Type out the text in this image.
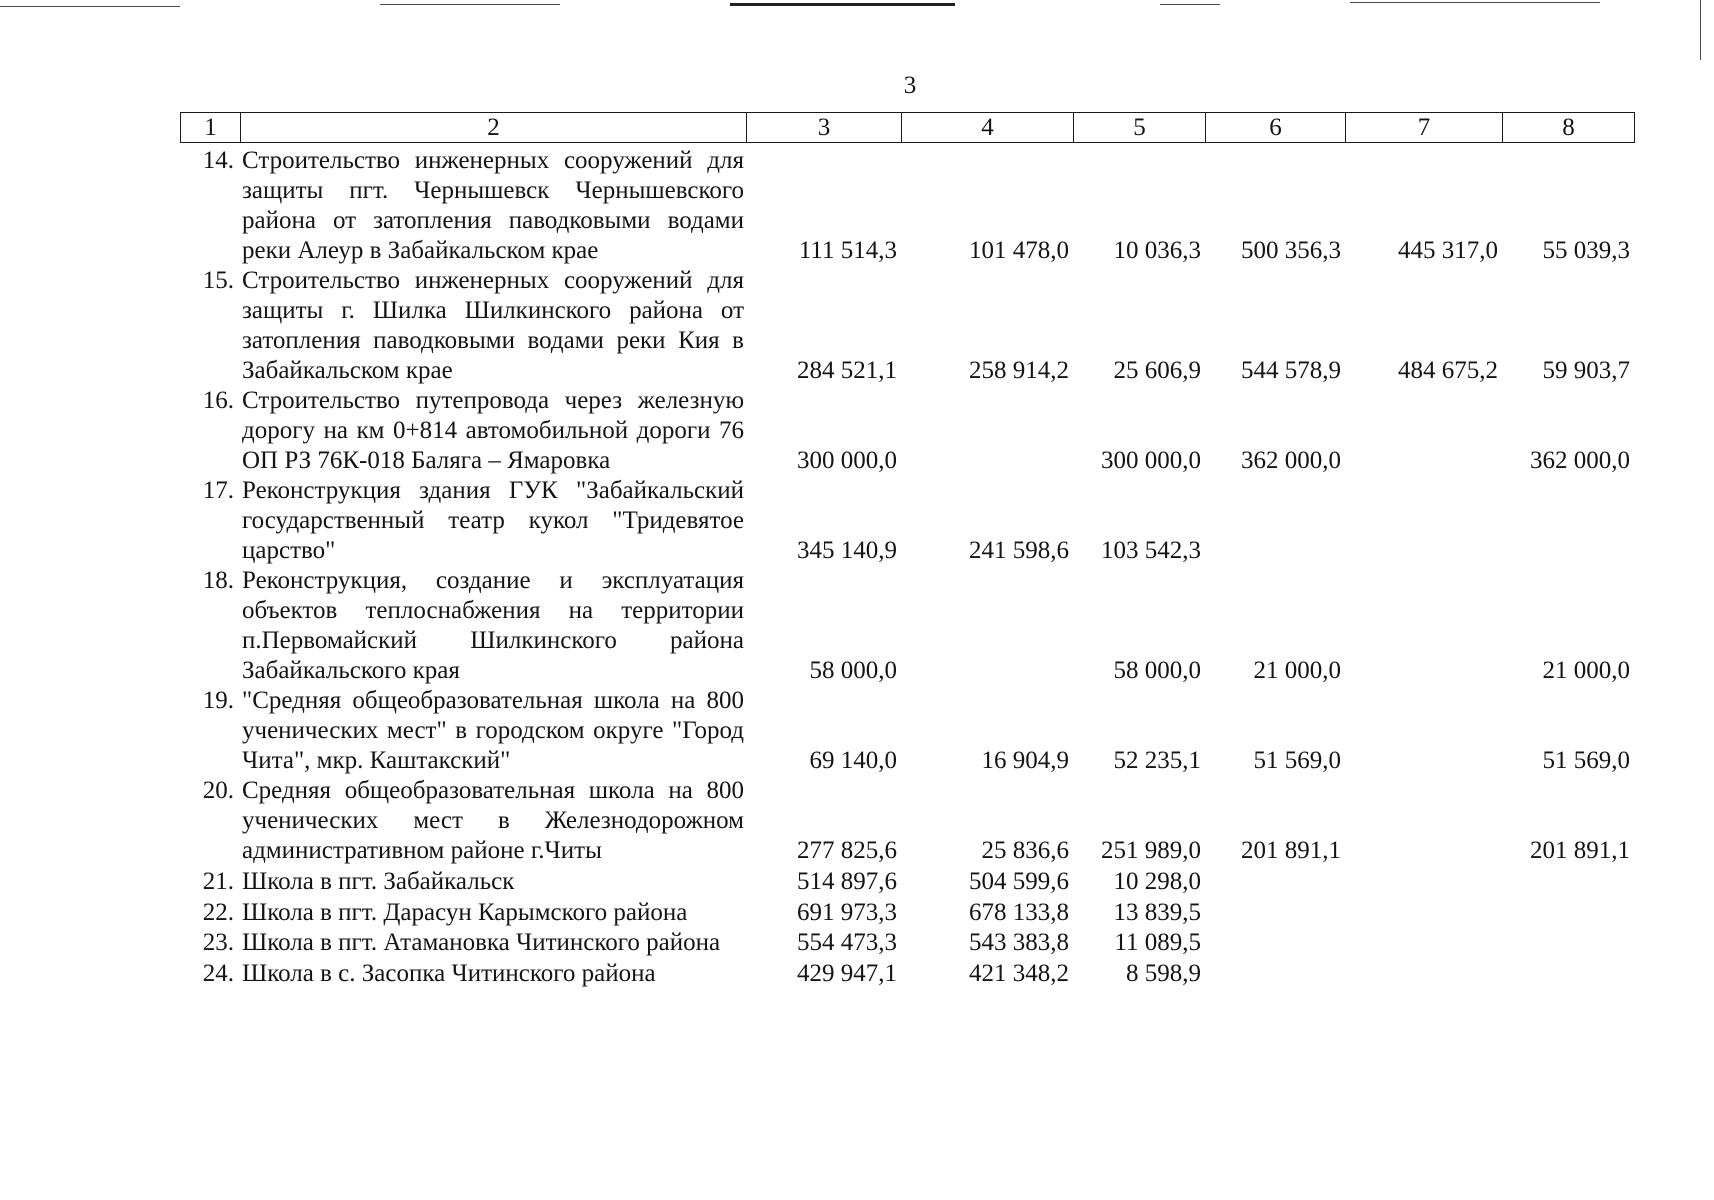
3
1	2	3	4	5	6	7	8
14.	Строительство инженерных сооружений для защиты пгт. Чернышевск Чернышевского района от затопления паводковыми водами реки Алеур в Забайкальском крае	111 514,3	101 478,0	10 036,3	500 356,3	445 317,0	55 039,3
15.	Строительство инженерных сооружений для защиты г. Шилка Шилкинского района от затопления паводковыми водами реки Кия в Забайкальском крае	284 521,1	258 914,2	25 606,9	544 578,9	484 675,2	59 903,7
16.	Строительство путепровода через железную дорогу на км 0+814 автомобильной дороги 76 ОП РЗ 76К-018 Баляга – Ямаровка	300 000,0		300 000,0	362 000,0		362 000,0
17.	Реконструкция здания ГУК "Забайкальский государственный театр кукол "Тридевятое царство"	345 140,9	241 598,6	103 542,3			
18.	Реконструкция, создание и эксплуатация объектов теплоснабжения на территории п.Первомайский Шилкинского района Забайкальского края	58 000,0		58 000,0	21 000,0		21 000,0
19.	"Средняя общеобразовательная школа на 800 ученических мест" в городском округе "Город Чита", мкр. Каштакский"	69 140,0	16 904,9	52 235,1	51 569,0		51 569,0
20.	Средняя общеобразовательная школа на 800 ученических мест в Железнодорожном административном районе г.Читы	277 825,6	25 836,6	251 989,0	201 891,1		201 891,1
21.	Школа в пгт. Забайкальск	514 897,6	504 599,6	10 298,0			
22.	Школа в пгт. Дарасун Карымского района	691 973,3	678 133,8	13 839,5			
23.	Школа в пгт. Атамановка Читинского района	554 473,3	543 383,8	11 089,5			
24.	Школа в с. Засопка Читинского района	429 947,1	421 348,2	8 598,9			
